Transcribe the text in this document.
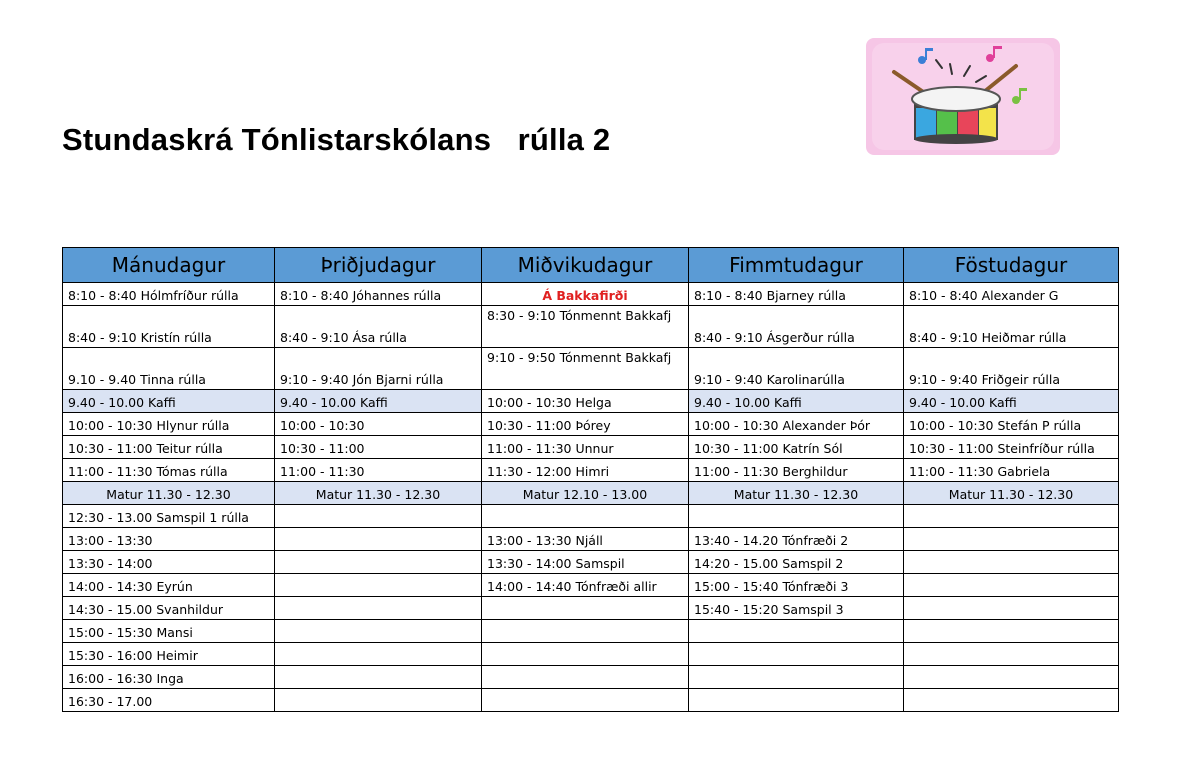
Stundaskrá Tónlistarskólans   rúlla 2
Mánudagur	Þriðjudagur	Miðvikudagur	Fimmtudagur	Föstudagur
8:10 - 8:40 Hólmfríður rúlla	8:10 - 8:40 Jóhannes rúlla	Á Bakkafirði	8:10 - 8:40 Bjarney rúlla	8:10 - 8:40 Alexander G
8:40 - 9:10 Kristín rúlla	8:40 - 9:10 Ása rúlla	8:30 - 9:10 Tónmennt Bakkafj	8:40 - 9:10 Ásgerður rúlla	8:40 - 9:10 Heiðmar rúlla
9.10 - 9.40 Tinna rúlla	9:10 - 9:40 Jón Bjarni rúlla	9:10 - 9:50 Tónmennt Bakkafj	9:10 - 9:40 Karolinarúlla	9:10 - 9:40 Friðgeir rúlla
9.40 - 10.00 Kaffi	9.40 - 10.00 Kaffi	10:00 - 10:30 Helga	9.40 - 10.00 Kaffi	9.40 - 10.00 Kaffi
10:00 - 10:30 Hlynur rúlla	10:00 - 10:30	10:30 - 11:00 Þórey	10:00 - 10:30 Alexander Þór	10:00 - 10:30 Stefán P rúlla
10:30 - 11:00 Teitur rúlla	10:30 - 11:00	11:00 - 11:30 Unnur	10:30 - 11:00 Katrín Sól	10:30 - 11:00 Steinfríður rúlla
11:00 - 11:30 Tómas rúlla	11:00 - 11:30	11:30 - 12:00 Himri	11:00 - 11:30 Berghildur	11:00 - 11:30 Gabriela
Matur 11.30 - 12.30	Matur 11.30 - 12.30	Matur 12.10 - 13.00	Matur 11.30 - 12.30	Matur 11.30 - 12.30
12:30 - 13.00 Samspil 1 rúlla				
13:00 - 13:30		13:00 - 13:30 Njáll	13:40 - 14.20 Tónfræði 2	
13:30 - 14:00		13:30 - 14:00 Samspil	14:20 - 15.00 Samspil 2	
14:00 - 14:30 Eyrún		14:00 - 14:40 Tónfræði allir	15:00 - 15:40 Tónfræði 3	
14:30 - 15.00 Svanhildur			15:40 - 15:20 Samspil 3	
15:00 - 15:30 Mansi				
15:30 - 16:00 Heimir				
16:00 - 16:30 Inga				
16:30 - 17.00				
